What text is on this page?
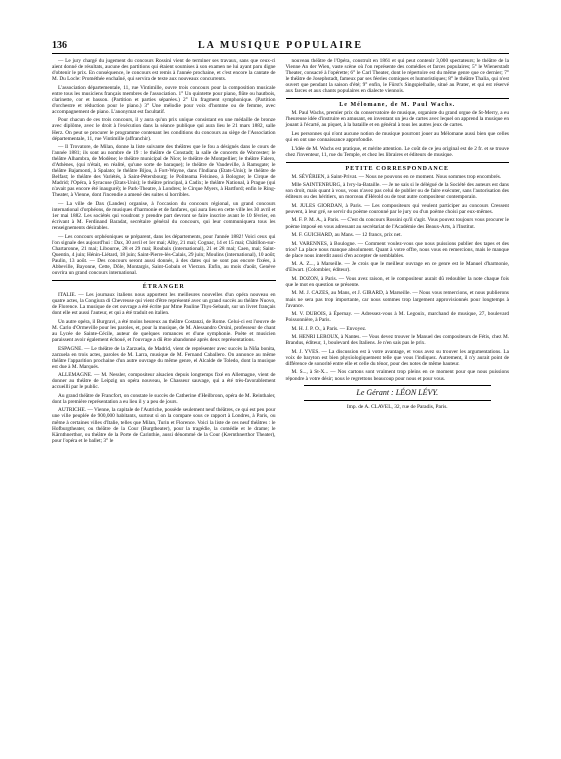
136	LA MUSIQUE POPULAIRE

— Le jury chargé du jugement du concours Rossini vient de terminer ses travaux, sans que ceux-ci aient donné de résultats, aucune des partitions qui étaient soumises à son examen ne lui ayant paru digne d'obtenir le prix. En conséquence, le concours est remis à l'année prochaine, et c'est encore la cantate de M. Du Locle: Prométhée enchaîné, qui servira de texte aux nouveaux concurrents.

L'association départementale, 11, rue Vintimille, ouvre trois concours pour la composition musicale entre tous les musiciens français membres de l'association. 1° Un quintette pour piano, flûte ou hautbois, clarinette, cor et basson. (Partition et parties séparées.) 2° Un fragment symphonique. (Partition d'orchestre et réduction pour le piano.) 3° Une mélodie pour voix d'homme ou de femme, avec accompagnement de piano. L'anonymat est facultatif.

Pour chacun de ces trois concours, il y aura qu'un prix unique consistant en une médaille de bronze avec diplôme, avec le droit à l'exécution dans la séance publique qui aura lieu le 21 mars 1882, salle Herz. On peut se procurer le programme contenant les conditions du concours au siège de l'Association départementale, 11, rue Vintimille (affranchir).

— Il Trovatore, de Milan, donne la liste suivante des théâtres que le fou a désignés dans le cours de l'année 1881; ils sont au nombre de 19 : le théâtre de Constadt; la salle de concerts de Worcester; le théâtre Alhambra, de Modène; le théâtre municipal de Nice; le théâtre de Montpellier; le théâtre Falero, d'Athènes, (qui n'était, en réalité, qu'une sorte de baraque); le théâtre de Vaudeville, à Ramsgate; le théâtre Bajamonti, à Spalato; le théâtre Bijou, à Fort-Wayne, dans l'Indiana (Etats-Unis); le théâtre de Belfast; le théâtre des Variétés, à Saint-Pétersbourg; le Politeama Felsineo, à Bologne; le Cirque de Madrid; l'Opéra, à Syracuse (Etats-Unis); le théâtre principal, à Cadix; le théâtre National, à Prague (qui n'avait pas encore été inauguré); le Park-Theatre, à Londres; le Cirque Myers, à Hartford; enfin le Ring-Theater, à Vienne, dont l'incendie a amené des suites si horribles.

— La ville de Dax (Landes) organise, à l'occasion du concours régional, un grand concours international d'orphéons, de musiques d'harmonie et de fanfares, qui aura lieu en cette ville les 30 avril et 1er mai 1882. Les sociétés qui voudront y prendre part devront se faire inscrire avant le 10 février, en écrivant à M. Ferdinand Baradat, secrétaire général du concours, qui leur communiquera tous les renseignements désirables.

— Les concours orphéoniques se préparent, dans les départements, pour l'année 1882! Voici ceux qui l'on signale des aujourd'hui : Dax, 30 avril et 1er mai; Alby, 21 mai; Cognac, 14 et 15 mai; Châtillon-sur-Chartaronne, 21 mai; Libourne, 28 et 29 mai; Roubaix (international), 21 et 28 mai; Caen, mai; Saint-Quentin, 4 juin; Hénin-Liétard, 18 juin; Saint-Pierre-lès-Calais, 29 juin; Moulins (international), 10 août; Paulin, 13 août. — Des concours seront aussi donnés, à des dates qui ne sont pas encore fixées, à Abbeville, Bayonne, Cette, Dôle, Montargis, Saint-Gobain et Vierzon. Enfin, au mois d'août, Genève ouvrira un grand concours international.

ÉTRANGER

ITALIE. — Les journaux italiens nous apportent les meilleures nouvelles d'un opéra nouveau en quatre actes, la Congiura di Chevreuse qui vient d'être représenté avec un grand succès au théâtre Nuovo, de Florence. La musique de cet ouvrage a été écrite par Mme Pauline Thys-Sebault, sur un livret français dont elle est aussi l'auteur, et qui a été traduit en italien.

Un autre opéra, il Burgravi, a été moins heureux au théâtre Costanzi, de Rome. Celui-ci est l'œuvre de M. Carlo d'Ormeville pour les paroles, et, pour la musique, de M. Alessandro Orsini, professeur de chant au Lycée de Sainte-Cécile, auteur de quelques romances et d'une symphonie. Poète et musicien paraissent avoir également échoué, et l'ouvrage a dû être abandonné après deux représentations.

ESPAGNE. — Le théâtre de la Zarzuela, de Madrid, vient de représenter avec succès la Niña bonita, zarzuela en trois actes, paroles de M. Larra, musique de M. Fernand Caballero. On annonce au même théâtre l'apparition prochaine d'un autre ouvrage du même genre, el Alcalde de Toledo, dont la musique est due à M. Marqués.

ALLEMAGNE. — M. Nessler, compositeur alsacien depuis longtemps fixé en Allemagne, vient de donner au théâtre de Leipzig un opéra nouveau, le Chasseur sauvage, qui a été très-favorablement accueilli par le public.

Au grand théâtre de Francfort, on constate le succès de Catherine d'Heilbronn, opéra de M. Reinthaler, dont la première représentation a eu lieu il y a peu de jours.

AUTRICHE. — Vienne, la capitale de l'Autriche, possède seulement neuf théâtres, ce qui est peu pour une ville peuplée de 900,000 habitants, surtout si on la compare sous ce rapport à Londres, à Paris, ou même à certaines villes d'Italie, telles que Milan, Turin et Florence. Voici la liste de ces neuf théâtres : le Hofburgtheater, ou théâtre de la Cour (Burgtheater), pour la tragédie, la comédie et le drame; le Kärnthnerthor, ou théâtre de la Porte de Carinthie, aussi dénommé de la Cour (Kærnthnerthor Theater), pour l'opéra et le ballet; 3° le

nouveau théâtre de l'Opéra, construit en 1861 et qui peut contenir 3,000 spectateurs; le théâtre de la Vienne An der Wien, vaste scène où l'on représente des comédies et farces populaires; 5° le Wienerstadt Theater, consacré à l'opérette; 6° le Carl Theater, dont le répertoire est du même genre que ce dernier; 7° le théâtre de Josephstadt, fameux par ses féeries comiques et humoristiques; 8° le théâtre Thalia, qui n'est ouvert que pendant la saison d'été; 9° enfin, le Fürst's Singspielhalle, situé au Prater, et qui est réservé aux farces et aux chants populaires en dialecte viennois.

Le Mélomane, de M. Paul Wachs.

M. Paul Wachs, premier prix du conservatoire de musique, organiste du grand orgue de St-Merry, a eu l'heureuse idée d'instruire en amusant, en inventant un jeu de cartes avec lequel on apprend la musique en jouant à l'écarté, au piquet, à la bataille et en général à tous les autres jeux de cartes.

Les personnes qui n'ont aucune notion de musique pourront jouer au Mélomane aussi bien que celles qui en ont une connaissance approfondie.

L'idée de M. Wachs est pratique, et mérite attention. Le coût de ce jeu original est de 2 fr. et se trouve chez l'inventeur, 11, rue du Temple, et chez les libraires et éditeurs de musique.

PETITE CORRESPONDANCE

M. SÉVÉRIEN, à Saint-Privat. — Nous ne pouvons en ce moment. Nous sommes trop encombrés.

Mlle SAINTENBURG, à Ivry-la-Bataille. — Je ne sais si le délégué de la Société des auteurs est dans son droit, mais quant à vous, vous n'avez pas celui de publier ou de faire exécuter, sans l'autorisation des éditeurs ou des héritiers, un morceau d'Hérold ou de tout autre compositeur contemporain.

M. JULES GIORDAN, à Paris. — Les compositeurs qui veulent participer au concours Cressent peuvent, à leur gré, se servir du poème couronné par le jury ou d'un poème choisi par eux-mêmes.

M. F. P. M. A., à Paris. — C'est du concours Rossini qu'il s'agit. Vous pouvez toujours vous procurer le poème imposé en vous adressant au secrétariat de l'Académie des Beaux-Arts, à l'Institut.

M. F. GUICHARD, au Mans. — 12 francs, prix net.

M. VARENNES, à Boulogne. — Comment voulez-vous que nous puissions publier des tapes et des trios? La place nous manque absolument. Quant à votre offre, nous vous en remercions, mais le manque de place nous interdit aussi d'en accepter de semblables.

M. A. Z..., à Marseille. — Je crois que le meilleur ouvrage en ce genre est le Manuel d'harmonie, d'Elwart. (Colombier, éditeur).

M. DOZON, à Paris. — Vous avez raison, et le compositeur aurait dû redoubler la note chaque fois que le mot en question se présente.

M. M. J. CAZES, au Mans, et J. GIRARD, à Marseille. — Nous vous remercions, et nous publierons mais ne sera pas trop importante, car nous sommes trop largement approvisionnés pour longtemps à l'avance.

M. V. DUBOIS, à Épernay. — Adressez-vous à M. Legouix, marchand de musique, 27, boulevard Poissonnière, à Paris.

M. H. J. P. O., à Paris. — Envoyez.

M. HENRI LEROUX, à Nantes. — Vous devez trouver le Manuel des compositeurs de Fétis, chez M. Brandus, éditeur, 1, boulevard des Italiens. Je n'en sais pas le prix.

M. J. YVES. — La discussion est à votre avantage, et vous avez su trouver les argumentations. La voix de baryton est bien physiologiquement telle que vous l'indiquez. Autrement, il n'y aurait point de différence de sonorité entre elle et celle du ténor, pour des notes de même hauteur.

M. S..., à St-X... — Nos cartons sont vraiment trop pleins en ce moment pour que nous puissions répondre à votre désir; nous le regrettons beaucoup pour nous et pour vous.

Le Gérant : LÉON LÉVY.
Imp. de A. CLAVEL, 32, rue de Paradis, Paris.
